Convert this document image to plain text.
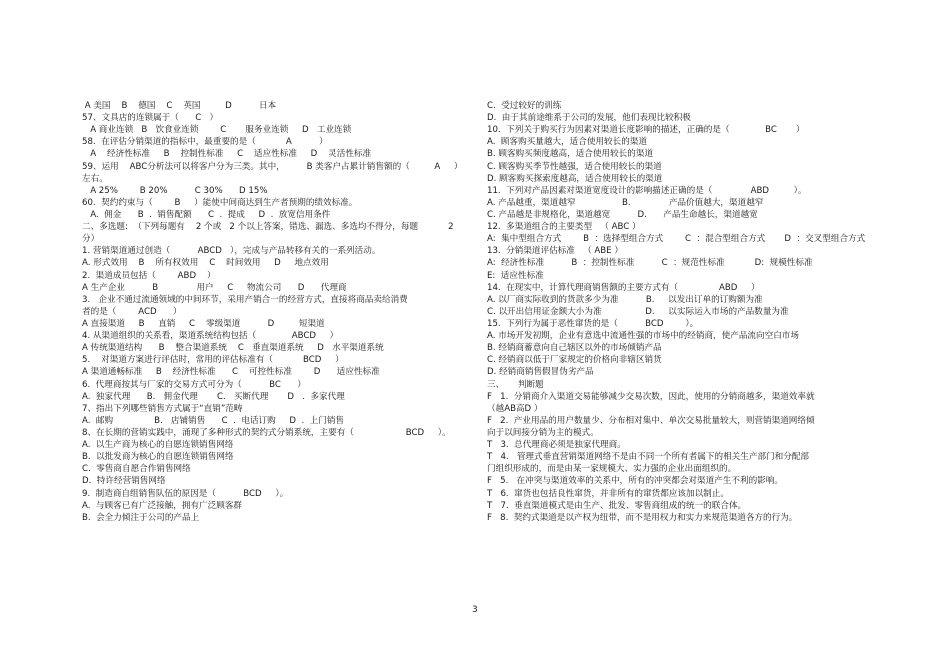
A 美国    B    德国    C    英国         D          日本
57、文具店的连锁属于（      C   ）
A 商业连锁   B   饮食业连锁        C       服务业连锁     D   工业连锁
58.  在评估分销渠道的指标中，最重要的是（           A          ）
A    经济性标准     B    控制性标准     C    适应性标准     D    灵活性标准
59、运用    ABC分析法可以将客户分为三类。其中，        B 类客户占累计销售额的（         A     ）
左右。
A 25%        B 20%          C 30%      D 15%
60.  契约约束与（        B     ）能使中间商达到生产者预期的绩效标准。
A.  佣金      B  .  销售配额      C  .  提成     D  .  放宽信用条件
二、多选题:  （下列每题有    2 个或   2 个以上答案，错选、漏选、多选均不得分，每题           2
分）
1. 营销渠道通过创造（          ABCD   ），完成与产品转移有关的一系列活动。
A. 形式效用    B    所有权效用    C    时间效用     D     地点效用
2.  渠道成员包括（        ABD    ）
A 生产企业          B              用户     C     物流公司      D      代理商
3.   企业不通过流通领域的中间环节，采用产销合一的经营方式，直接将商品卖给消费
者的是（        ACD      ）
A 直接渠道     B     直销     C    零级渠道          D         短渠道
4. 从渠道组织的关系看，渠道系统结构包括（             ABCD     ）
A 传统渠道结构      B    整合渠道系统    C   垂直渠道系统     D   水平渠道系统
5.    对渠道方案进行评估时，常用的评估标准有（           BCD     ）
A 渠道通畅标准     B    经济性标准      C    可控性标准        D      适应性标准
6.  代理商按其与厂家的交易方式可分为（          BC      ）
A.  独家代理      B.   佣金代理       C.   买断代理       D   .  多家代理
7、指出下列哪些销售方式属于“直销”范畴
A.  邮购               B.   店铺销售      C  .  电话订购     D  .  上门销售
8、在长期的营销实践中，涌现了多种形式的契约式分销系统，主要有（                   BCD     ）。
A.  以生产商为核心的自愿连锁销售网络
B.  以批发商为核心的自愿连锁销售网络
C.  零售商自愿合作销售网络
D.  特许经营销售网络
9.  制造商自组销售队伍的原因是（          BCD     ）。
A.  与顾客已有广泛接触，拥有广泛顾客群
B.  会全力倾注于公司的产品上
C.  受过较好的训练
D.  由于其前途维系于公司的发展，他们表现比较积极
10.  下列关于购买行为因素对渠道长度影响的描述，正确的是（             BC       ）
A.  顾客购买量越大，适合使用较长的渠道
B. 顾客购买频度越高，适合使用较长的渠道
C. 顾客购买季节性越强，适合使用较长的渠道
D. 顾客购买探索度越高，适合使用较长的渠道
11.  下列对产品因素对渠道宽度设计的影响描述正确的是（              ABD         ）。
A. 产品越重，渠道越窄                 B.              产品价值越大，渠道越窄
C. 产品越是非规格化，渠道越宽          D.      产品生命越长，渠道越宽
12.  多渠道组合的主要类型   （ ABC ）
A:  集中型组合方式        B  ：选择型组合方式        C  ：混合型组合方式       D  ：交叉型组合方式
13.  分销渠道评估标准   （ ABE ）
A:  经济性标准          B  ：控制性标准          C  ：规范性标准           D:  规模性标准
E:  适应性标准
14.  在现实中，计算代理商销售额的主要方式有（               ABD     ）
A. 以厂商实际收到的货款多少为准          B.     以发出订单的订购额为准
C. 以开出信用证金额大小为准                D.     以实际运入市场的产品数量为准
15.  下列行为属于恶性窜货的是（          BCD        ）。
A. 市场开发初期，企业有意选中流通性强的市场中的经销商，使产品流向空白市场
B. 经销商蓄意向自己辖区以外的市场倾销产品
C. 经销商以低于厂家规定的价格向非辖区销货
D. 经销商销售假冒伪劣产品
三、     判断题
F   1.  分销商介入渠道交易能够减少交易次数，因此，使用的分销商越多，渠道效率就
（越AB高D ）
F   2.  产业用品的用户数量少、分布相对集中、单次交易批量较大，则营销渠道网络倾
向于以间接分销为主的模式。
T   3.  总代理商必须是独家代理商。
T   4.   管理式垂直营销渠道网络不是由不同一个所有者属下的相关生产部门和分配部
门组织形成的，而是由某一家规模大、实力强的企业出面组织的。
F   5.   在冲突与渠道效率的关系中，所有的冲突都会对渠道产生不利的影响。
T   6.  窜货也包括良性窜货，并非所有的窜货都应该加以制止。
T   7.  垂直渠道模式是由生产、批发、零售商组成的统一的联合体。
F   8.  契约式渠道是以产权为纽带，而不是用权力和实力来规范渠道各方的行为。
3
